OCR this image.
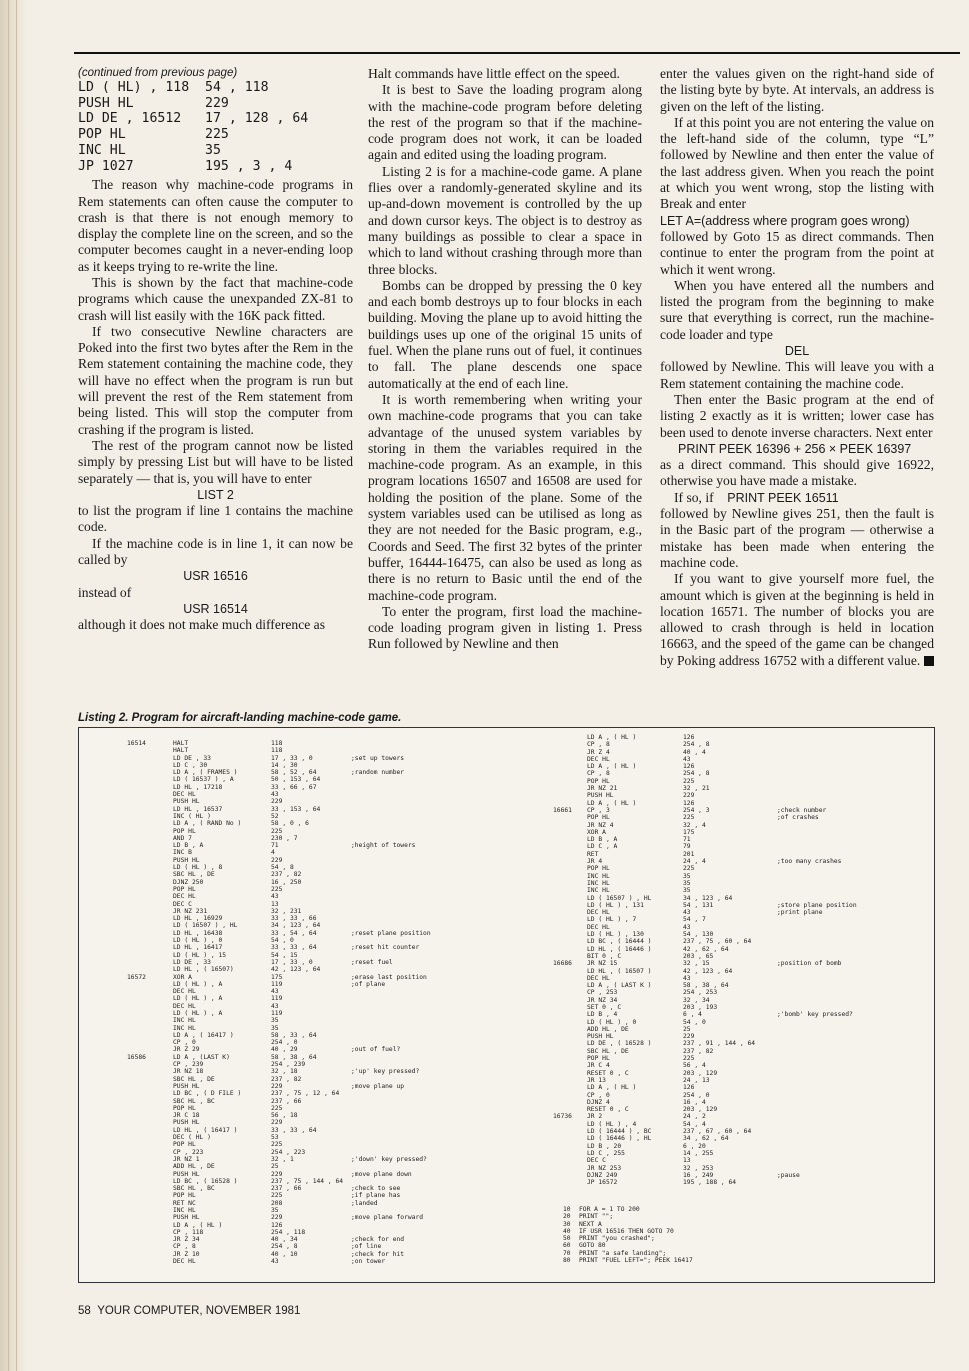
(continued from previous page)
LD ( HL) , 118  54 , 118
PUSH HL         229
LD DE , 16512   17 , 128 , 64
POP HL          225
INC HL          35
JP 1027         195 , 3 , 4

The reason why machine-code programs in Rem statements can often cause the computer to crash is that there is not enough memory to display the complete line on the screen, and so the computer becomes caught in a never-ending loop as it keeps trying to re-write the line.

This is shown by the fact that machine-code programs which cause the unexpanded ZX-81 to crash will list easily with the 16K pack fitted.

If two consecutive Newline characters are Poked into the first two bytes after the Rem in the Rem statement containing the machine code, they will have no effect when the program is run but will prevent the rest of the Rem statement from being listed. This will stop the computer from crashing if the program is listed.

The rest of the program cannot now be listed simply by pressing List but will have to be listed separately — that is, you will have to enter

LIST 2

to list the program if line 1 contains the machine code.

If the machine code is in line 1, it can now be called by

USR 16516

instead of

USR 16514

although it does not make much difference as

Halt commands have little effect on the speed.

It is best to Save the loading program along with the machine-code program before deleting the rest of the program so that if the machine-code program does not work, it can be loaded again and edited using the loading program.

Listing 2 is for a machine-code game. A plane flies over a randomly-generated skyline and its up-and-down movement is controlled by the up and down cursor keys. The object is to destroy as many buildings as possible to clear a space in which to land without crashing through more than three blocks.

Bombs can be dropped by pressing the 0 key and each bomb destroys up to four blocks in each building. Moving the plane up to avoid hitting the buildings uses up one of the original 15 units of fuel. When the plane runs out of fuel, it continues to fall. The plane descends one space automatically at the end of each line.

It is worth remembering when writing your own machine-code programs that you can take advantage of the unused system variables by storing in them the variables required in the machine-code program. As an example, in this program locations 16507 and 16508 are used for holding the position of the plane. Some of the system variables used can be utilised as long as they are not needed for the Basic program, e.g., Coords and Seed. The first 32 bytes of the printer buffer, 16444-16475, can also be used as long as there is no return to Basic until the end of the machine-code program.

To enter the program, first load the machine-code loading program given in listing 1. Press Run followed by Newline and then

enter the values given on the right-hand side of the listing byte by byte. At intervals, an address is given on the left of the listing.

If at this point you are not entering the value on the left-hand side of the column, type “L” followed by Newline and then enter the value of the last address given. When you reach the point at which you went wrong, stop the listing with Break and enter

LET A=(address where program goes wrong)

followed by Goto 15 as direct commands. Then continue to enter the program from the point at which it went wrong.

When you have entered all the numbers and listed the program from the beginning to make sure that everything is correct, run the machine-code loader and type

DEL

followed by Newline. This will leave you with a Rem statement containing the machine code.

Then enter the Basic program at the end of listing 2 exactly as it is written; lower case has been used to denote inverse characters. Next enter

PRINT PEEK 16396 + 256 × PEEK 16397

as a direct command. This should give 16922, otherwise you have made a mistake.

If so, if PRINT PEEK 16511

followed by Newline gives 251, then the fault is in the Basic part of the program — otherwise a mistake has been made when entering the machine code.

If you want to give yourself more fuel, the amount which is given at the beginning is held in location 16571. The number of blocks you are allowed to crash through is held in location 16663, and the speed of the game can be changed by Poking address 16752 with a different value.

Listing 2. Program for aircraft-landing machine-code game.
16514

16572

16586

HALT
HALT
LD DE , 33
LD C , 30
LD A , ( FRAMES )
LD ( 16537 ) , A
LD HL , 17218
DEC HL
PUSH HL
LD HL , 16537
INC ( HL )
LD A , ( RAND No )
POP HL
AND 7
LD B , A
INC B
PUSH HL
LD ( HL ) , 8
SBC HL , DE
DJNZ 250
POP HL
DEC HL
DEC C
JR NZ 231
LD HL , 16929
LD ( 16507 ) , HL
LD HL , 16438
LD ( HL ) , 0
LD HL , 16417
LD ( HL ) , 15
LD DE , 33
LD HL , ( 16507)
XOR A
LD ( HL ) , A
DEC HL
LD ( HL ) , A
DEC HL
LD ( HL ) , A
INC HL
INC HL
LD A , ( 16417 )
CP , 0
JR Z 29
LD A , (LAST K)
CP , 239
JR NZ 18
SBC HL , DE
PUSH HL
LD BC , ( D FILE )
SBC HL , BC
POP HL
JR C 18
PUSH HL
LD HL , ( 16417 )
DEC ( HL )
POP HL
CP , 223
JR NZ 1
ADD HL , DE
PUSH HL
LD BC , ( 16528 )
SBC HL , BC
POP HL
RET NC
INC HL
PUSH HL
LD A , ( HL )
CP , 118
JR Z 34
CP , 8
JR Z 10
DEC HL
118
118
17 , 33 , 0
14 , 30
58 , 52 , 64
50 , 153 , 64
33 , 66 , 67
43
229
33 , 153 , 64
52
58 , 0 , 6
225
230 , 7
71
4
229
54 , 8
237 , 82
16 , 250
225
43
13
32 , 231
33 , 33 , 66
34 , 123 , 64
33 , 54 , 64
54 , 0
33 , 33 , 64
54 , 15
17 , 33 , 0
42 , 123 , 64
175
119
43
119
43
119
35
35
58 , 33 , 64
254 , 0
40 , 29
58 , 38 , 64
254 , 239
32 , 18
237 , 82
229
237 , 75 , 12 , 64
237 , 66
225
56 , 18
229
33 , 33 , 64
53
225
254 , 223
32 , 1
25
229
237 , 75 , 144 , 64
237 , 66
225
208
35
229
126
254 , 118
40 , 34
254 , 8
40 , 10
43

;set up towers

;random number

;height of towers

;reset plane position

;reset hit counter

;reset fuel

;erase last position
;of plane

;out of fuel?

;'up' key pressed?

;move plane up

;'down' key pressed?

;move plane down

;check to see
;if plane has
;landed

;move plane forward

;check for end
;of line
;check for hit
;on tower

16661

16686

16736

LD A , ( HL )
CP , 8
JR Z 4
DEC HL
LD A , ( HL )
CP , 8
POP HL
JR NZ 21
PUSH HL
LD A , ( HL )
CP , 3
POP HL
JR NZ 4
XOR A
LD B , A
LD C , A
RET
JR 4
POP HL
INC HL
INC HL
INC HL
LD ( 16507 ) , HL
LD ( HL ) , 131
DEC HL
LD ( HL ) , 7
DEC HL
LD ( HL ) , 130
LD BC , ( 16444 )
LD HL , ( 16446 )
BIT 0 , C
JR NZ 15
LD HL , ( 16507 )
DEC HL
LD A , ( LAST K )
CP , 253
JR NZ 34
SET 0 , C
LD B , 4
LD ( HL ) , 0
ADD HL , DE
PUSH HL
LD DE , ( 16528 )
SBC HL , DE
POP HL
JR C 4
RESET 0 , C
JR 13
LD A , ( HL )
CP , 0
DJNZ 4
RESET 0 , C
JR 2
LD ( HL ) , 4
LD ( 16444 ) , BC
LD ( 16446 ) , HL
LD B , 20
LD C , 255
DEC C
JR NZ 253
DJNZ 249
JP 16572
126
254 , 8
40 , 4
43
126
254 , 8
225
32 , 21
229
126
254 , 3
225
32 , 4
175
71
79
201
24 , 4
225
35
35
35
34 , 123 , 64
54 , 131
43
54 , 7
43
54 , 130
237 , 75 , 60 , 64
42 , 62 , 64
203 , 65
32 , 15
42 , 123 , 64
43
58 , 38 , 64
254 , 253
32 , 34
203 , 193
6 , 4
54 , 0
25
229
237 , 91 , 144 , 64
237 , 82
225
56 , 4
203 , 129
24 , 13
126
254 , 0
16 , 4
203 , 129
24 , 2
54 , 4
237 , 67 , 60 , 64
34 , 62 , 64
6 , 20
14 , 255
13
32 , 253
16 , 249
195 , 188 , 64

;check number
;of crashes

;too many crashes

;store plane position
;print plane

;position of bomb

;'bomb' key pressed?

;pause

10
20
30
40
50
60
70
80
FOR A = 1 TO 200
PRINT "";
NEXT A
IF USR 16516 THEN GOTO 70
PRINT "you crashed";
GOTO 80
PRINT "a safe landing";
PRINT "FUEL LEFT="; PEEK 16417
58 YOUR COMPUTER, NOVEMBER 1981
